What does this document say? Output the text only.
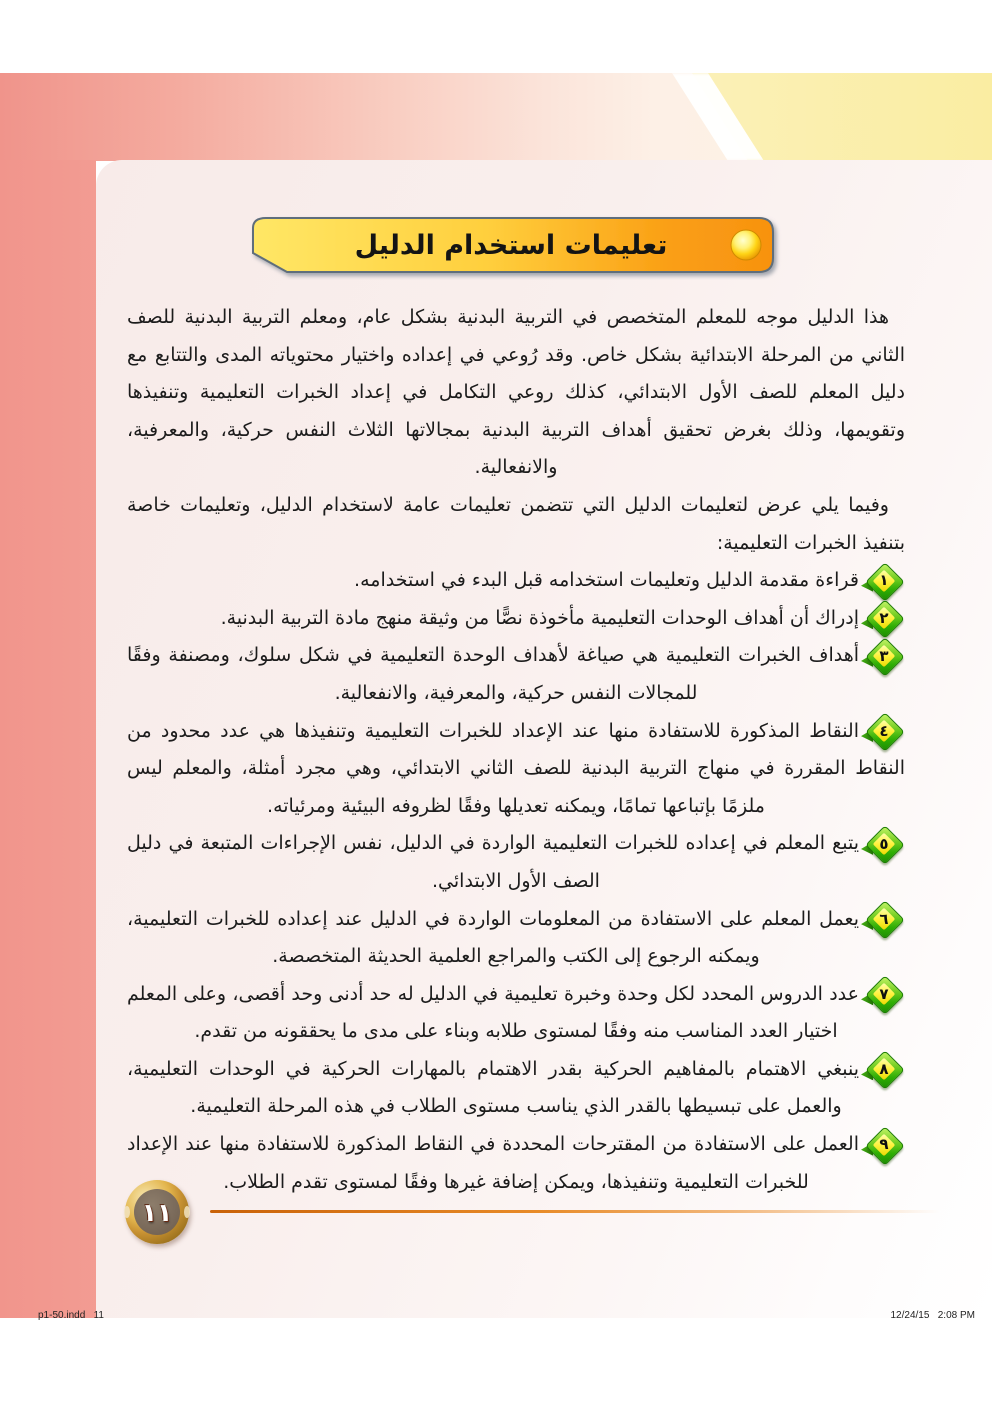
تعليمات استخدام الدليل

هذا الدليل موجه للمعلم المتخصص في التربية البدنية بشكل عام، ومعلم التربية البدنية للصف الثاني من المرحلة الابتدائية بشكل خاص. وقد رُوعي في إعداده واختيار محتوياته المدى والتتابع مع دليل المعلم للصف الأول الابتدائي، كذلك روعي التكامل في إعداد الخبرات التعليمية وتنفيذها وتقويمها، وذلك بغرض تحقيق أهداف التربية البدنية بمجالاتها الثلاث النفس حركية، والمعرفية، والانفعالية.

وفيما يلي عرض لتعليمات الدليل التي تتضمن تعليمات عامة لاستخدام الدليل، وتعليمات خاصة بتنفيذ الخبرات التعليمية:

١
قراءة مقدمة الدليل وتعليمات استخدامه قبل البدء في استخدامه.
٢
إدراك أن أهداف الوحدات التعليمية مأخوذة نصًّا من وثيقة منهج مادة التربية البدنية.
٣
أهداف الخبرات التعليمية هي صياغة لأهداف الوحدة التعليمية في شكل سلوك، ومصنفة وفقًا للمجالات النفس حركية، والمعرفية، والانفعالية.
٤
النقاط المذكورة للاستفادة منها عند الإعداد للخبرات التعليمية وتنفيذها هي عدد محدود من النقاط المقررة في منهاج التربية البدنية للصف الثاني الابتدائي، وهي مجرد أمثلة، والمعلم ليس ملزمًا بإتباعها تمامًا، ويمكنه تعديلها وفقًا لظروفه البيئية ومرئياته.
٥
يتبع المعلم في إعداده للخبرات التعليمية الواردة في الدليل، نفس الإجراءات المتبعة في دليل الصف الأول الابتدائي.
٦
يعمل المعلم على الاستفادة من المعلومات الواردة في الدليل عند إعداده للخبرات التعليمية، ويمكنه الرجوع إلى الكتب والمراجع العلمية الحديثة المتخصصة.
٧
عدد الدروس المحدد لكل وحدة وخبرة تعليمية في الدليل له حد أدنى وحد أقصى، وعلى المعلم اختيار العدد المناسب منه وفقًا لمستوى طلابه وبناء على مدى ما يحققونه من تقدم.
٨
ينبغي الاهتمام بالمفاهيم الحركية بقدر الاهتمام بالمهارات الحركية في الوحدات التعليمية، والعمل على تبسيطها بالقدر الذي يناسب مستوى الطلاب في هذه المرحلة التعليمية.
٩
العمل على الاستفادة من المقترحات المحددة في النقاط المذكورة للاستفادة منها عند الإعداد للخبرات التعليمية وتنفيذها، ويمكن إضافة غيرها وفقًا لمستوى تقدم الطلاب.
١١
p1-50.indd   11	12/24/15   2:08 PM
